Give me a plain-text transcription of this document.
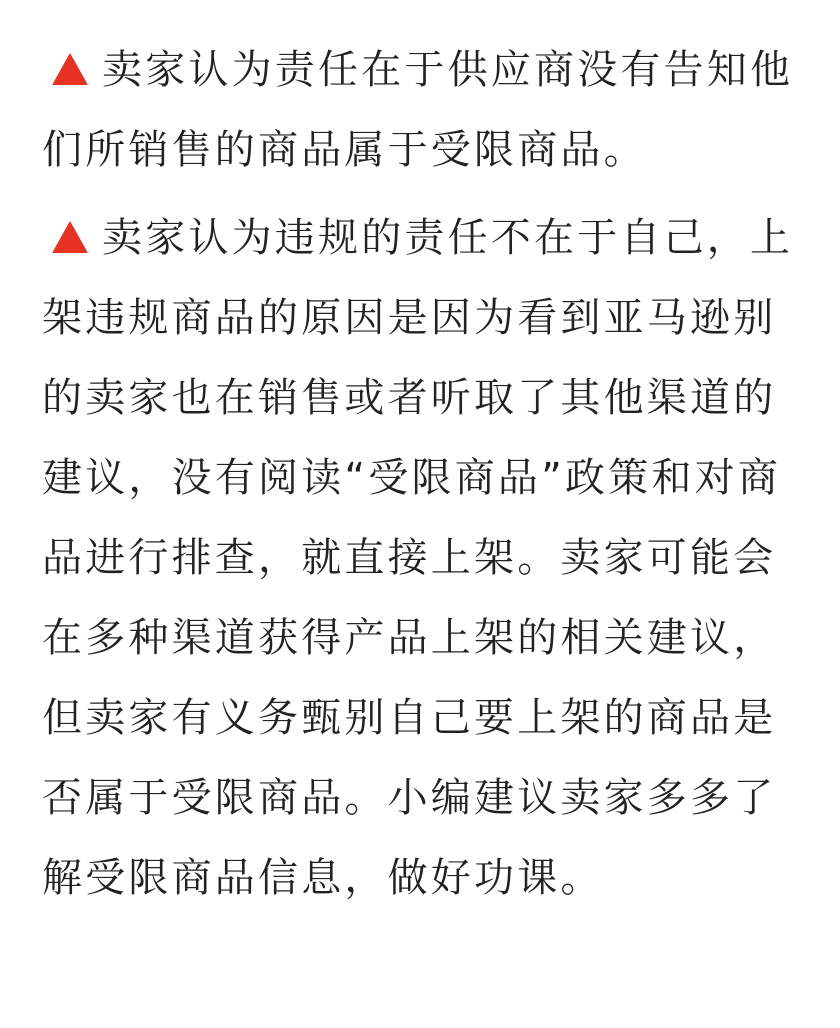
卖家认为责任在于供应商没有告知他们所销售的商品属于受限商品。

卖家认为违规的责任不在于自己，上架违规商品的原因是因为看到亚马逊别的卖家也在销售或者听取了其他渠道的建议，没有阅读“受限商品”政策和对商品进行排查，就直接上架。卖家可能会在多种渠道获得产品上架的相关建议，但卖家有义务甄别自己要上架的商品是否属于受限商品。小编建议卖家多多了解受限商品信息，做好功课。
